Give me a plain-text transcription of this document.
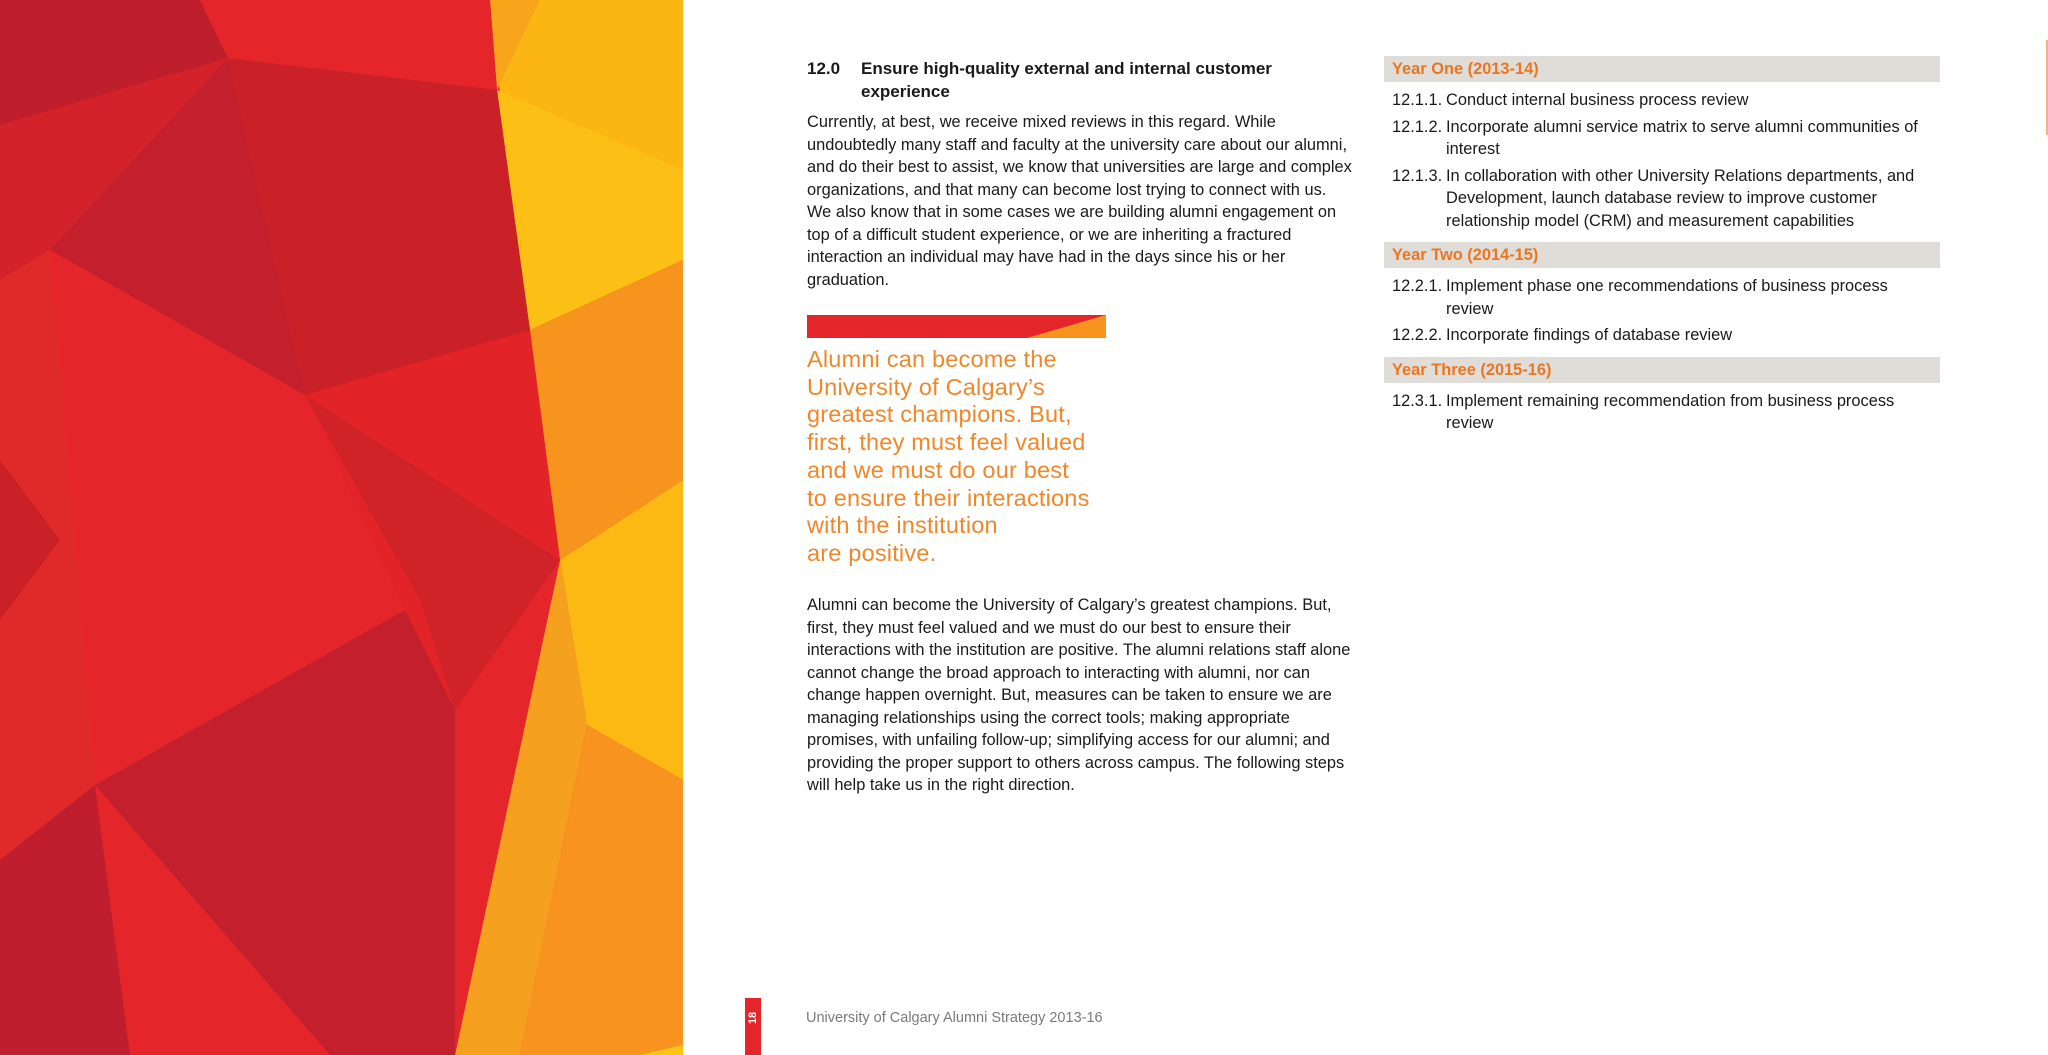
12.0 Ensure high-quality external and internal customer experience
Currently, at best, we receive mixed reviews in this regard. While undoubtedly many staff and faculty at the university care about our alumni, and do their best to assist, we know that universities are large and complex organizations, and that many can become lost trying to connect with us. We also know that in some cases we are building alumni engagement on top of a difficult student experience, or we are inheriting a fractured interaction an individual may have had in the days since his or her graduation.
Alumni can become the
University of Calgary’s
greatest champions. But,
first, they must feel valued
and we must do our best
to ensure their interactions
with the institution
are positive.
Alumni can become the University of Calgary’s greatest champions. But, first, they must feel valued and we must do our best to ensure their interactions with the institution are positive. The alumni relations staff alone cannot change the broad approach to interacting with alumni, nor can change happen overnight. But, measures can be taken to ensure we are managing relationships using the correct tools; making appropriate promises, with unfailing follow-up; simplifying access for our alumni; and providing the proper support to others across campus. The following steps will help take us in the right direction.
Year One (2013-14)
12.1.1. Conduct internal business process review
12.1.2. Incorporate alumni service matrix to serve alumni communities of interest
12.1.3. In collaboration with other University Relations departments, and Development, launch database review to improve customer relationship model (CRM) and measurement capabilities
Year Two (2014-15)
12.2.1. Implement phase one recommendations of business process review
12.2.2. Incorporate findings of database review
Year Three (2015-16)
12.3.1. Implement remaining recommendation from business process review
18	University of Calgary Alumni Strategy 2013-16
